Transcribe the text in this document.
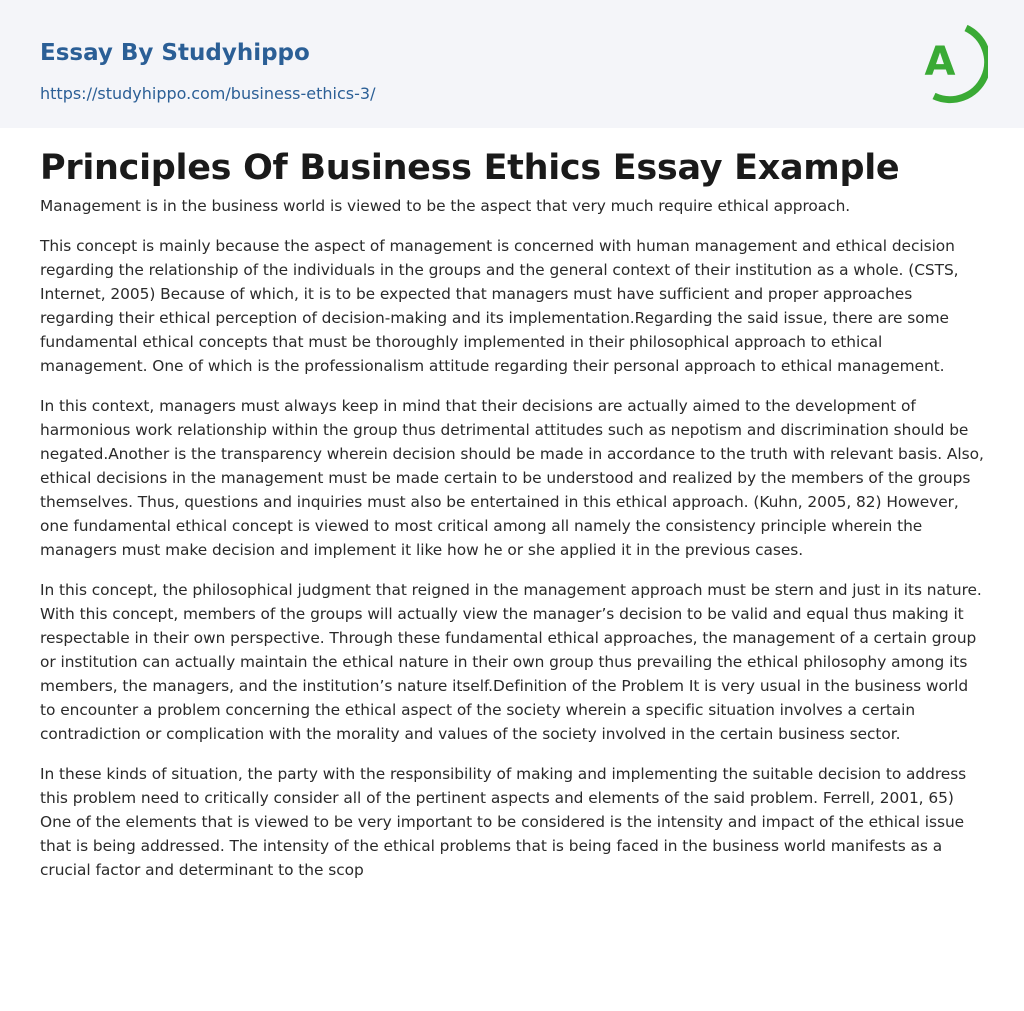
Essay By Studyhippo
https://studyhippo.com/business-ethics-3/
A
Principles Of Business Ethics Essay Example

Management is in the business world is viewed to be the aspect that very much require ethical approach.

This concept is mainly because the aspect of management is concerned with human management and ethical decision regarding the relationship of the individuals in the groups and the general context of their institution as a whole. (CSTS, Internet, 2005) Because of which, it is to be expected that managers must have sufficient and proper approaches regarding their ethical perception of decision-making and its implementation.Regarding the said issue, there are some fundamental ethical concepts that must be thoroughly implemented in their philosophical approach to ethical management. One of which is the professionalism attitude regarding their personal approach to ethical management.

In this context, managers must always keep in mind that their decisions are actually aimed to the development of harmonious work relationship within the group thus detrimental attitudes such as nepotism and discrimination should be negated.Another is the transparency wherein decision should be made in accordance to the truth with relevant basis. Also, ethical decisions in the management must be made certain to be understood and realized by the members of the groups themselves. Thus, questions and inquiries must also be entertained in this ethical approach. (Kuhn, 2005, 82) However, one fundamental ethical concept is viewed to most critical among all namely the consistency principle wherein the managers must make decision and implement it like how he or she applied it in the previous cases.

In this concept, the philosophical judgment that reigned in the management approach must be stern and just in its nature. With this concept, members of the groups will actually view the manager’s decision to be valid and equal thus making it respectable in their own perspective. Through these fundamental ethical approaches, the management of a certain group or institution can actually maintain the ethical nature in their own group thus prevailing the ethical philosophy among its members, the managers, and the institution’s nature itself.Definition of the Problem It is very usual in the business world to encounter a problem concerning the ethical aspect of the society wherein a specific situation involves a certain contradiction or complication with the morality and values of the society involved in the certain business sector.

In these kinds of situation, the party with the responsibility of making and implementing the suitable decision to address this problem need to critically consider all of the pertinent aspects and elements of the said problem. Ferrell, 2001, 65) One of the elements that is viewed to be very important to be considered is the intensity and impact of the ethical issue that is being addressed. The intensity of the ethical problems that is being faced in the business world manifests as a crucial factor and determinant to the scop
